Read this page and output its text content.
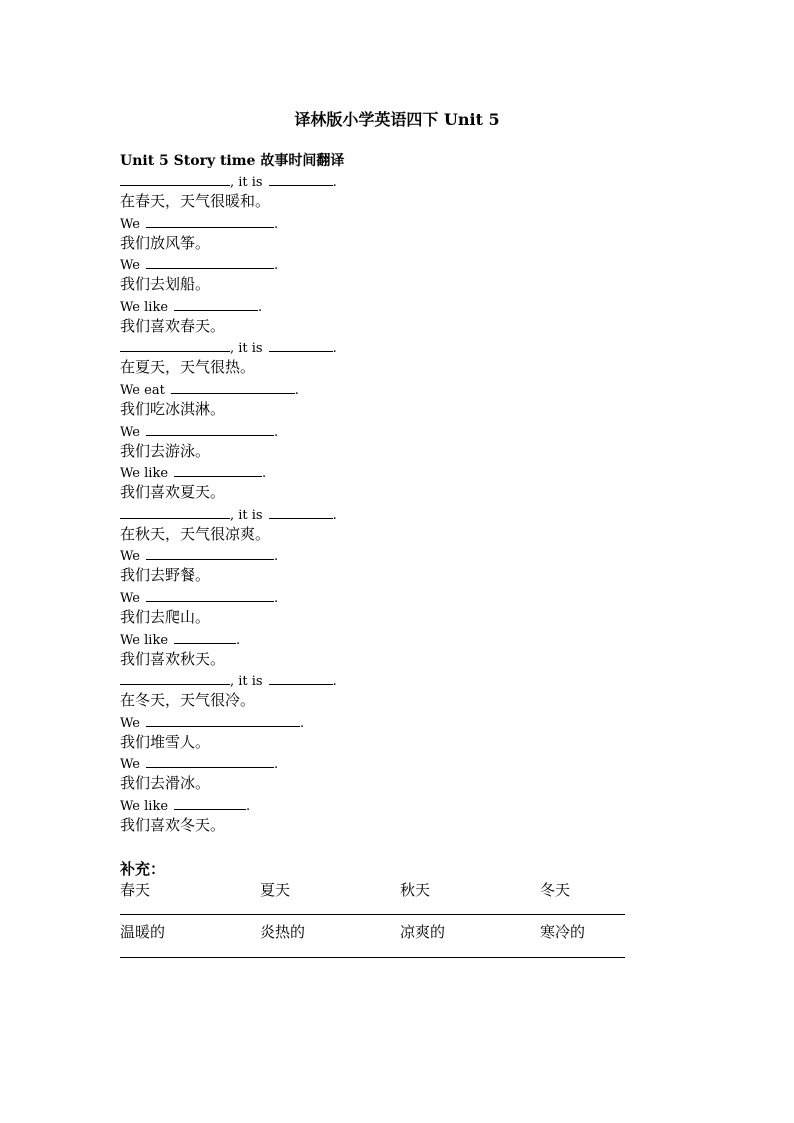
译林版小学英语四下 Unit 5
Unit 5 Story time 故事时间翻译
, it is	.
在春天，天气很暖和。
We	.
我们放风筝。
We	.
我们去划船。
We like	.
我们喜欢春天。
, it is	.
在夏天，天气很热。
We eat	.
我们吃冰淇淋。
We	.
我们去游泳。
We like	.
我们喜欢夏天。
, it is	.
在秋天，天气很凉爽。
We	.
我们去野餐。
We	.
我们去爬山。
We like	.
我们喜欢秋天。
, it is	.
在冬天，天气很冷。
We	.
我们堆雪人。
We	.
我们去滑冰。
We like	.
我们喜欢冬天。
补充：
春天	夏天	秋天	冬天
温暖的	炎热的	凉爽的	寒冷的
